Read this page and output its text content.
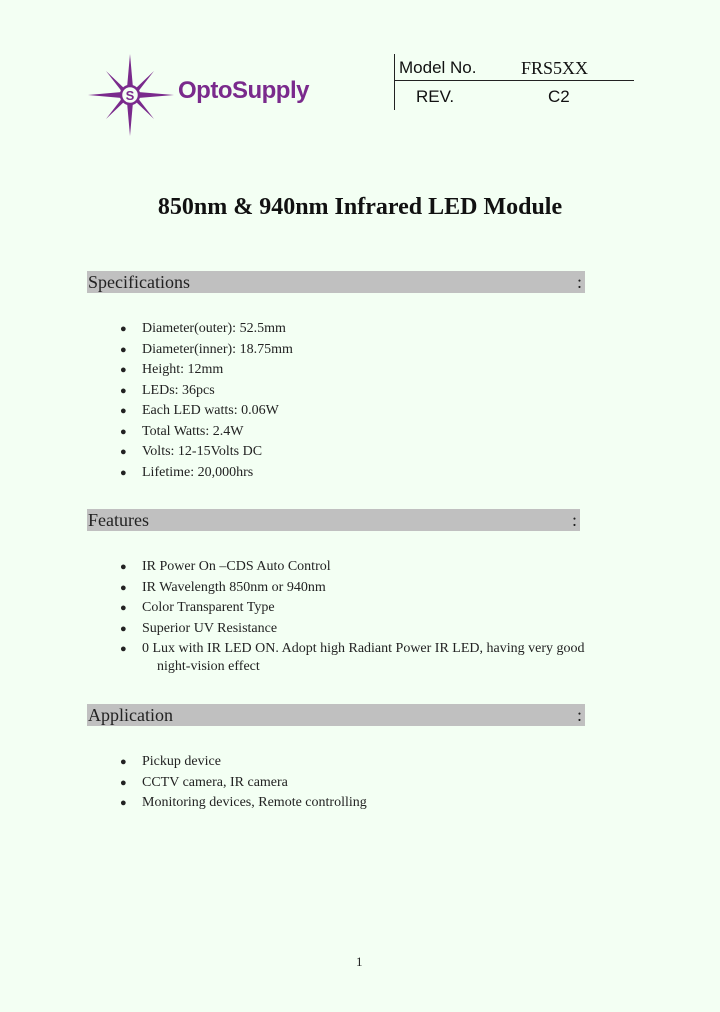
S OptoSupply
Model No. FRS5XX
REV.	C2
850nm & 940nm Infrared LED Module
Specifications	:
● Diameter(outer): 52.5mm
● Diameter(inner): 18.75mm
● Height: 12mm
● LEDs: 36pcs
● Each LED watts: 0.06W
● Total Watts: 2.4W
● Volts: 12-15Volts DC
● Lifetime: 20,000hrs
Features	:
● IR Power On –CDS Auto Control
● IR Wavelength 850nm or 940nm
● Color Transparent Type
● Superior UV Resistance
● 0 Lux with IR LED ON. Adopt high Radiant Power IR LED, having very good
night-vision effect
Application	:
● Pickup device
● CCTV camera, IR camera
● Monitoring devices, Remote controlling
1
